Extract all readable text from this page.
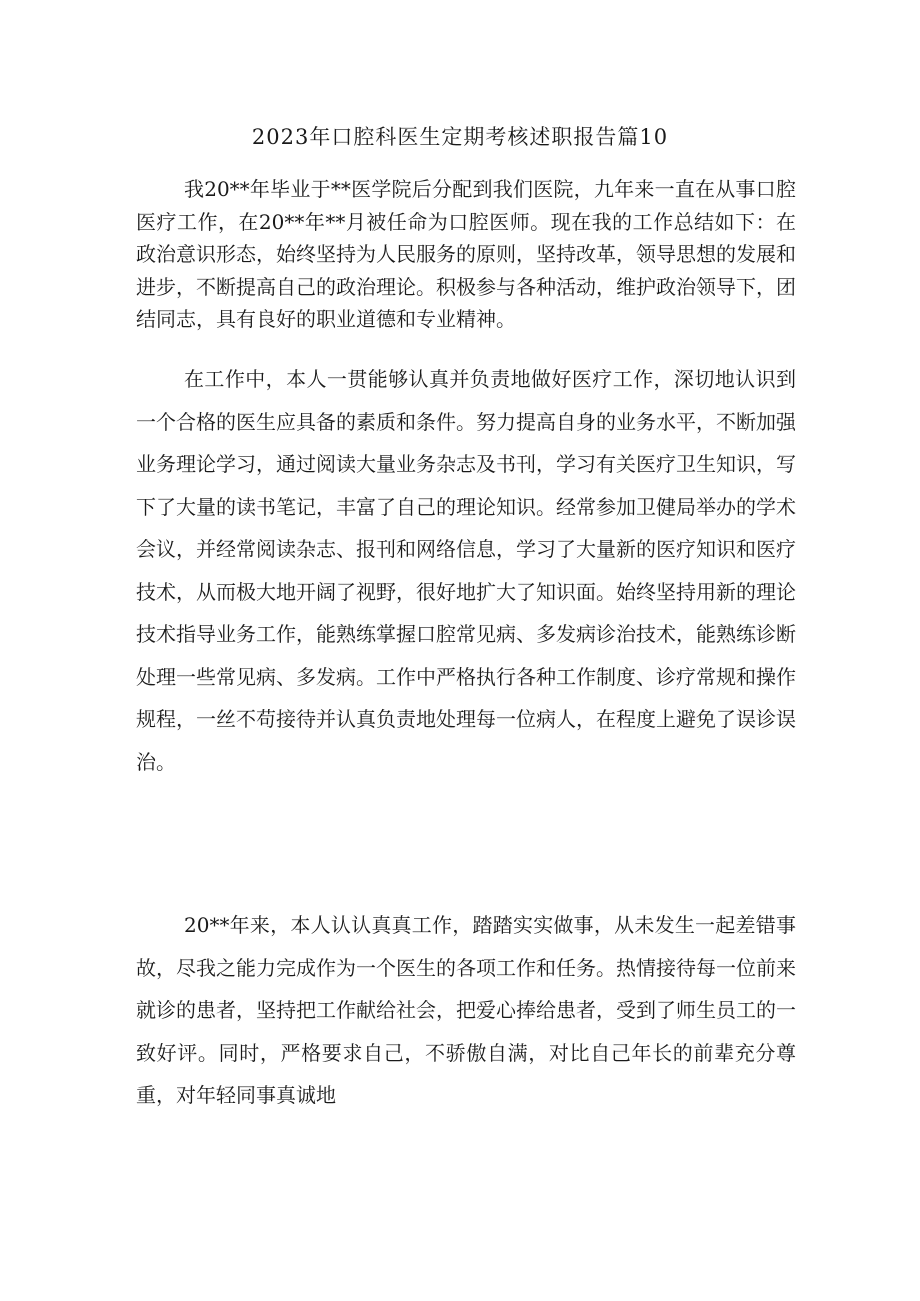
2023年口腔科医生定期考核述职报告篇10

我20**年毕业于**医学院后分配到我们医院，九年来一直在从事口腔医疗工作，在20**年**月被任命为口腔医师。现在我的工作总结如下：在政治意识形态，始终坚持为人民服务的原则，坚持改革，领导思想的发展和进步，不断提高自己的政治理论。积极参与各种活动，维护政治领导下，团结同志，具有良好的职业道德和专业精神。

在工作中，本人一贯能够认真并负责地做好医疗工作，深切地认识到一个合格的医生应具备的素质和条件。努力提高自身的业务水平，不断加强业务理论学习，通过阅读大量业务杂志及书刊，学习有关医疗卫生知识，写下了大量的读书笔记，丰富了自己的理论知识。经常参加卫健局举办的学术会议，并经常阅读杂志、报刊和网络信息，学习了大量新的医疗知识和医疗技术，从而极大地开阔了视野，很好地扩大了知识面。始终坚持用新的理论技术指导业务工作，能熟练掌握口腔常见病、多发病诊治技术，能熟练诊断处理一些常见病、多发病。工作中严格执行各种工作制度、诊疗常规和操作规程，一丝不苟接待并认真负责地处理每一位病人，在程度上避免了误诊误治。

20**年来，本人认认真真工作，踏踏实实做事，从未发生一起差错事故，尽我之能力完成作为一个医生的各项工作和任务。热情接待每一位前来就诊的患者，坚持把工作献给社会，把爱心捧给患者，受到了师生员工的一致好评。同时，严格要求自己，不骄傲自满，对比自己年长的前辈充分尊重，对年轻同事真诚地
